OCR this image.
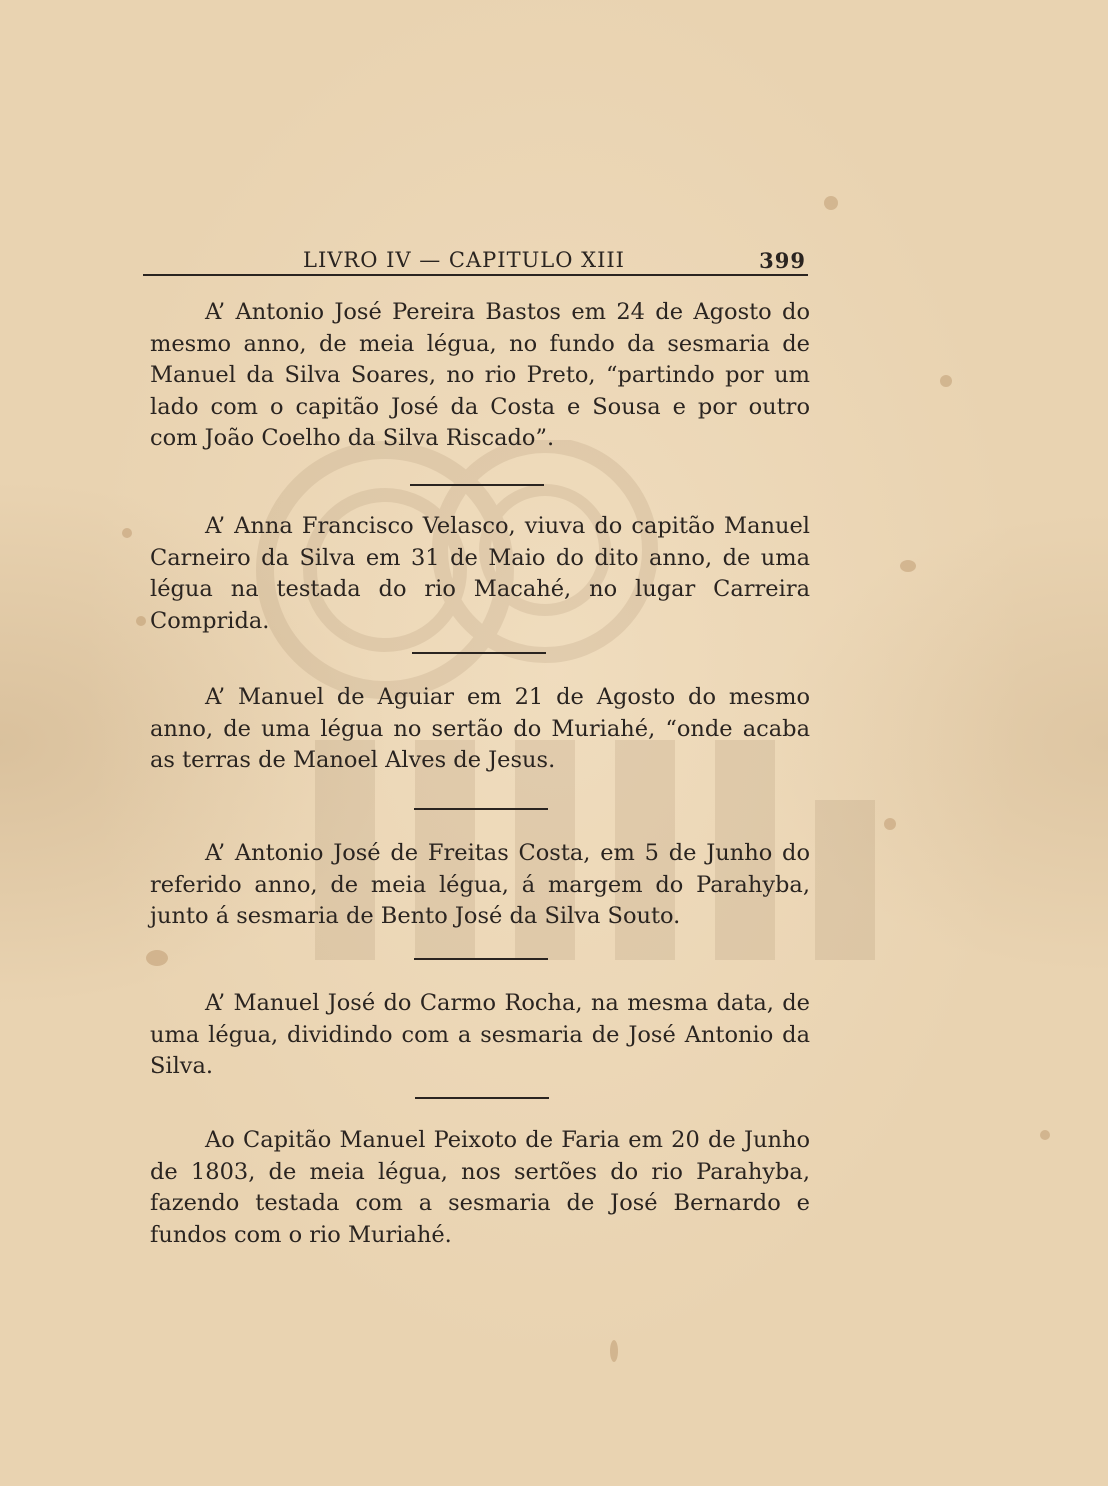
LIVRO IV — CAPITULO XIII	399

A’ Antonio José Pereira Bastos em 24 de Agosto do mesmo anno, de meia légua, no fundo da sesmaria de Manuel da Silva Soares, no rio Preto, “partindo por um lado com o capitão José da Costa e Sousa e por outro com João Coelho da Silva Riscado”.

A’ Anna Francisco Velasco, viuva do capitão Manuel Carneiro da Silva em 31 de Maio do dito anno, de uma légua na testada do rio Macahé, no lugar Carreira Comprida.

A’ Manuel de Aguiar em 21 de Agosto do mesmo anno, de uma légua no sertão do Muriahé, “onde acaba as terras de Manoel Alves de Jesus.

A’ Antonio José de Freitas Costa, em 5 de Junho do referido anno, de meia légua, á margem do Parahyba, junto á sesmaria de Bento José da Silva Souto.

A’ Manuel José do Carmo Rocha, na mesma data, de uma légua, dividindo com a sesmaria de José Antonio da Silva.

Ao Capitão Manuel Peixoto de Faria em 20 de Junho de 1803, de meia légua, nos sertões do rio Parahyba, fazendo testada com a sesmaria de José Bernardo e fundos com o rio Muriahé.
